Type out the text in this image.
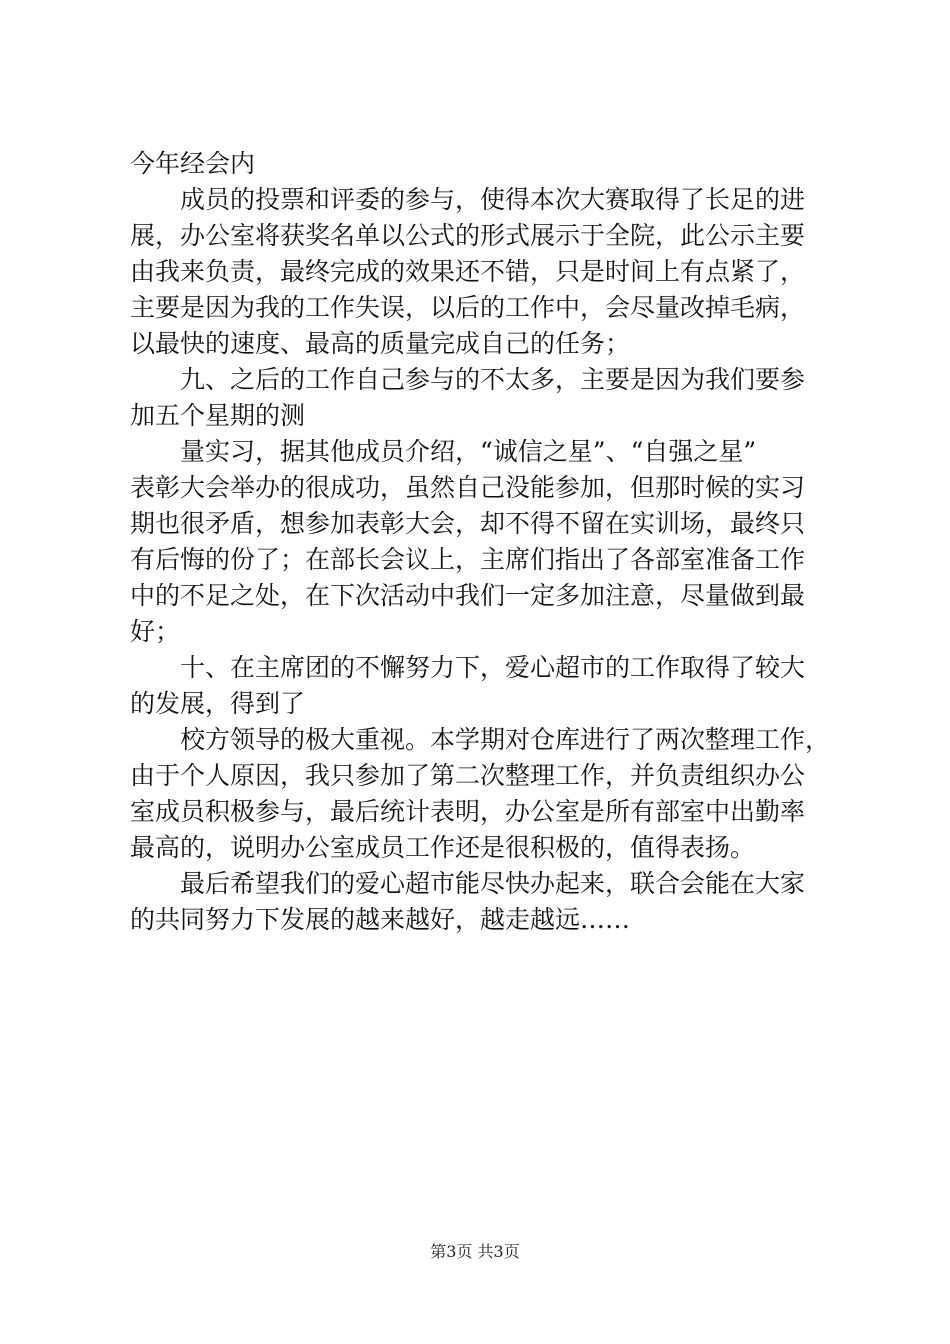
今年经会内
　　成员的投票和评委的参与，使得本次大赛取得了长足的进
展，办公室将获奖名单以公式的形式展示于全院，此公示主要
由我来负责，最终完成的效果还不错，只是时间上有点紧了，
主要是因为我的工作失误，以后的工作中，会尽量改掉毛病，
以最快的速度、最高的质量完成自己的任务；
　　九、之后的工作自己参与的不太多，主要是因为我们要参
加五个星期的测
　　量实习，据其他成员介绍，“诚信之星”、“自强之星”
表彰大会举办的很成功，虽然自己没能参加，但那时候的实习
期也很矛盾，想参加表彰大会，却不得不留在实训场，最终只
有后悔的份了；在部长会议上，主席们指出了各部室准备工作
中的不足之处，在下次活动中我们一定多加注意，尽量做到最
好；
　　十、在主席团的不懈努力下，爱心超市的工作取得了较大
的发展，得到了
　　校方领导的极大重视。本学期对仓库进行了两次整理工作，
由于个人原因，我只参加了第二次整理工作，并负责组织办公
室成员积极参与，最后统计表明，办公室是所有部室中出勤率
最高的，说明办公室成员工作还是很积极的，值得表扬。
　　最后希望我们的爱心超市能尽快办起来，联合会能在大家
的共同努力下发展的越来越好，越走越远……
第3页 共3页
